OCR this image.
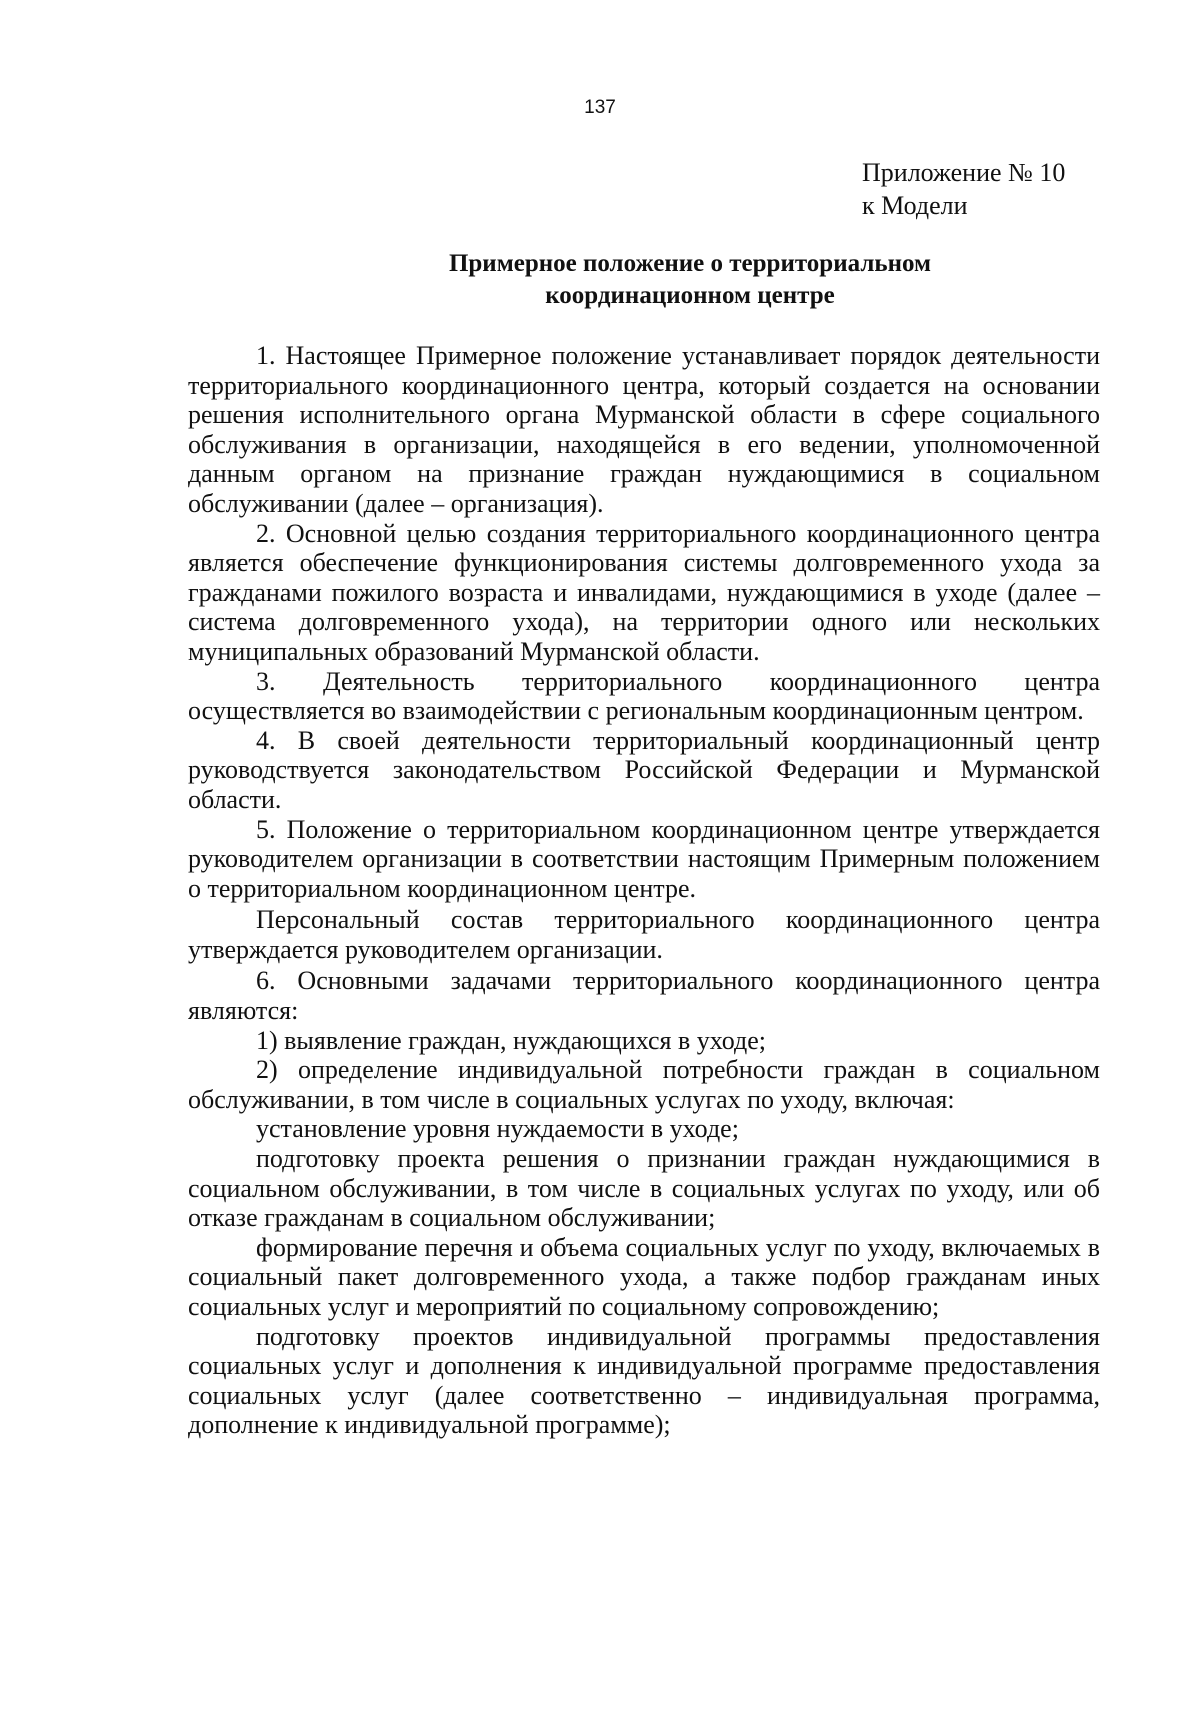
137
Приложение № 10
к Модели
Примерное положение о территориальном
координационном центре

1. Настоящее Примерное положение устанавливает порядок деятельности территориального координационного центра, который создается на основании решения исполнительного органа Мурманской области в сфере социального обслуживания в организации, находящейся в его ведении, уполномоченной данным органом на признание граждан нуждающимися в социальном обслуживании (далее – организация).

2. Основной целью создания территориального координационного центра является обеспечение функционирования системы долговременного ухода за гражданами пожилого возраста и инвалидами, нуждающимися в уходе (далее – система долговременного ухода), на территории одного или нескольких муниципальных образований Мурманской области.

3. Деятельность территориального координационного центра осуществляется во взаимодействии с региональным координационным центром.

4. В своей деятельности территориальный координационный центр руководствуется законодательством Российской Федерации и Мурманской области.

5. Положение о территориальном координационном центре утверждается руководителем организации в соответствии настоящим Примерным положением о территориальном координационном центре.

Персональный состав территориального координационного центра утверждается руководителем организации.

6. Основными задачами территориального координационного центра являются:

1) выявление граждан, нуждающихся в уходе;

2) определение индивидуальной потребности граждан в социальном обслуживании, в том числе в социальных услугах по уходу, включая:

установление уровня нуждаемости в уходе;

подготовку проекта решения о признании граждан нуждающимися в социальном обслуживании, в том числе в социальных услугах по уходу, или об отказе гражданам в социальном обслуживании;

формирование перечня и объема социальных услуг по уходу, включаемых в социальный пакет долговременного ухода, а также подбор гражданам иных социальных услуг и мероприятий по социальному сопровождению;

подготовку проектов индивидуальной программы предоставления социальных услуг и дополнения к индивидуальной программе предоставления социальных услуг (далее соответственно – индивидуальная программа, дополнение к индивидуальной программе);
